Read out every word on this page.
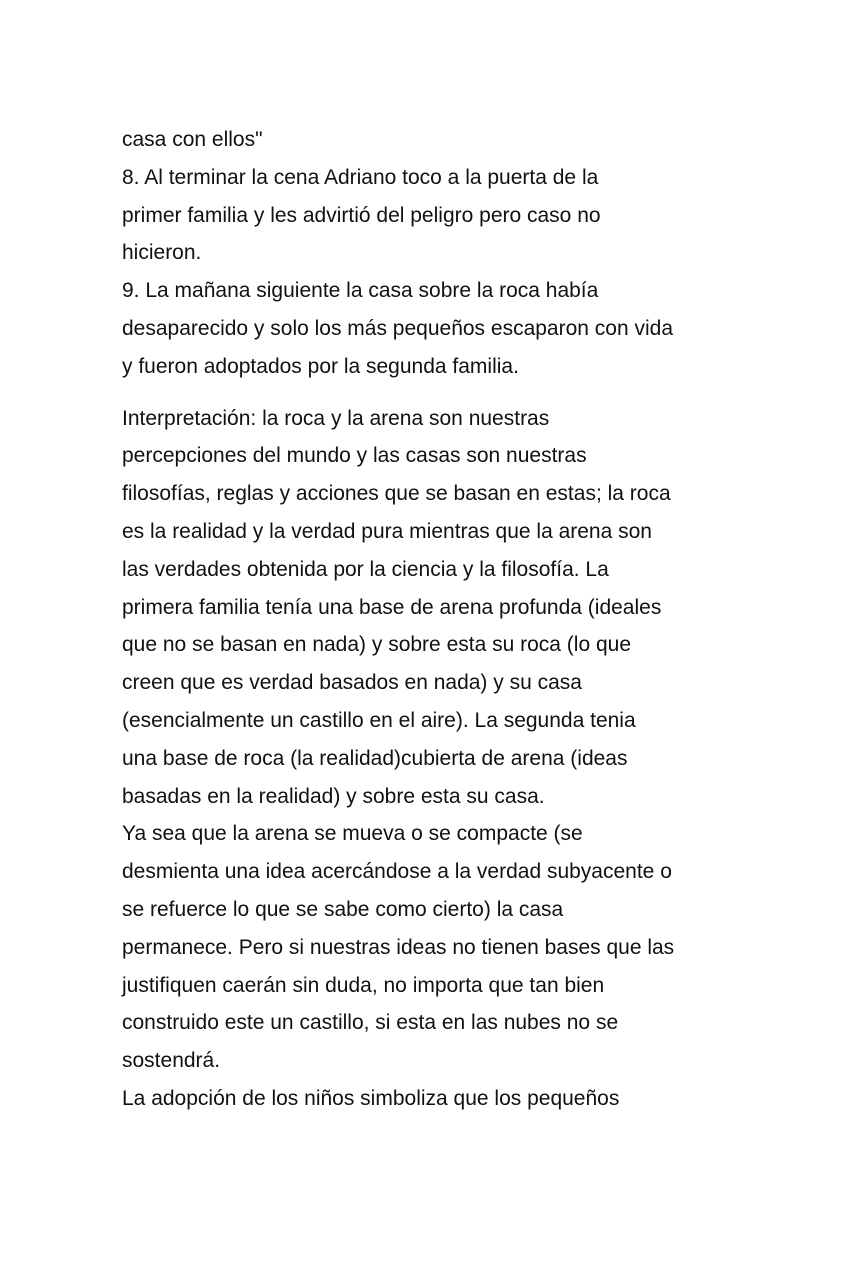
casa con ellos"
8. Al terminar la cena Adriano toco a la puerta de la
primer familia y les advirtió del peligro pero caso no
hicieron.
9. La mañana siguiente la casa sobre la roca había
desaparecido y solo los más pequeños escaparon con vida
y fueron adoptados por la segunda familia.
Interpretación: la roca y la arena son nuestras
percepciones del mundo y las casas son nuestras
filosofías, reglas y acciones que se basan en estas; la roca
es la realidad y la verdad pura mientras que la arena son
las verdades obtenida por la ciencia y la filosofía. La
primera familia tenía una base de arena profunda (ideales
que no se basan en nada) y sobre esta su roca (lo que
creen que es verdad basados en nada) y su casa
(esencialmente un castillo en el aire). La segunda tenia
una base de roca (la realidad)cubierta de arena (ideas
basadas en la realidad) y sobre esta su casa.
Ya sea que la arena se mueva o se compacte (se
desmienta una idea acercándose a la verdad subyacente o
se refuerce lo que se sabe como cierto) la casa
permanece. Pero si nuestras ideas no tienen bases que las
justifiquen caerán sin duda, no importa que tan bien
construido este un castillo, si esta en las nubes no se
sostendrá.
La adopción de los niños simboliza que los pequeños
